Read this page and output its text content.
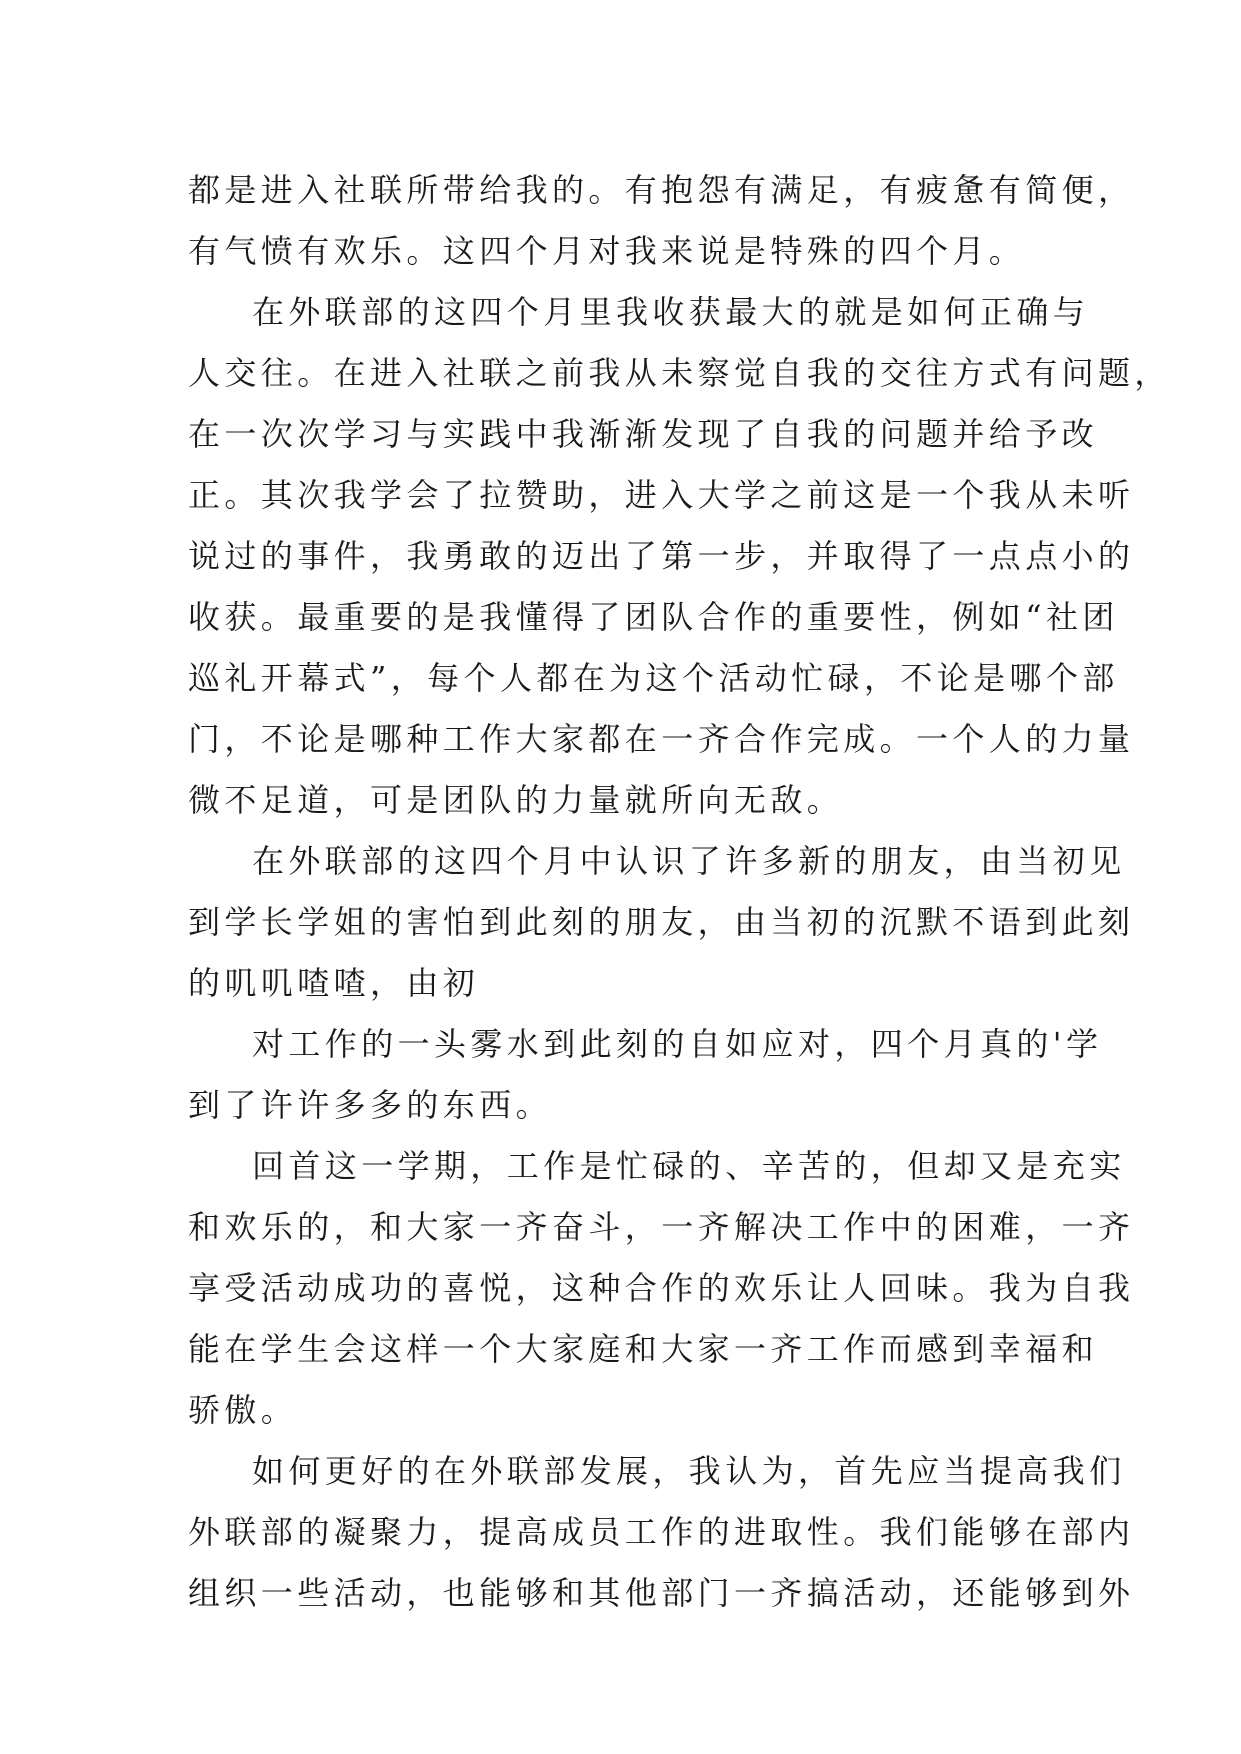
都是进入社联所带给我的。有抱怨有满足，有疲惫有简便，
有气愤有欢乐。这四个月对我来说是特殊的四个月。
在外联部的这四个月里我收获最大的就是如何正确与
人交往。在进入社联之前我从未察觉自我的交往方式有问题，
在一次次学习与实践中我渐渐发现了自我的问题并给予改
正。其次我学会了拉赞助，进入大学之前这是一个我从未听
说过的事件，我勇敢的迈出了第一步，并取得了一点点小的
收获。最重要的是我懂得了团队合作的重要性，例如“社团
巡礼开幕式”，每个人都在为这个活动忙碌，不论是哪个部
门，不论是哪种工作大家都在一齐合作完成。一个人的力量
微不足道，可是团队的力量就所向无敌。
在外联部的这四个月中认识了许多新的朋友，由当初见
到学长学姐的害怕到此刻的朋友，由当初的沉默不语到此刻
的叽叽喳喳，由初
对工作的一头雾水到此刻的自如应对，四个月真的'学
到了许许多多的东西。
回首这一学期，工作是忙碌的、辛苦的，但却又是充实
和欢乐的，和大家一齐奋斗，一齐解决工作中的困难，一齐
享受活动成功的喜悦，这种合作的欢乐让人回味。我为自我
能在学生会这样一个大家庭和大家一齐工作而感到幸福和
骄傲。
如何更好的在外联部发展，我认为，首先应当提高我们
外联部的凝聚力，提高成员工作的进取性。我们能够在部内
组织一些活动，也能够和其他部门一齐搞活动，还能够到外
